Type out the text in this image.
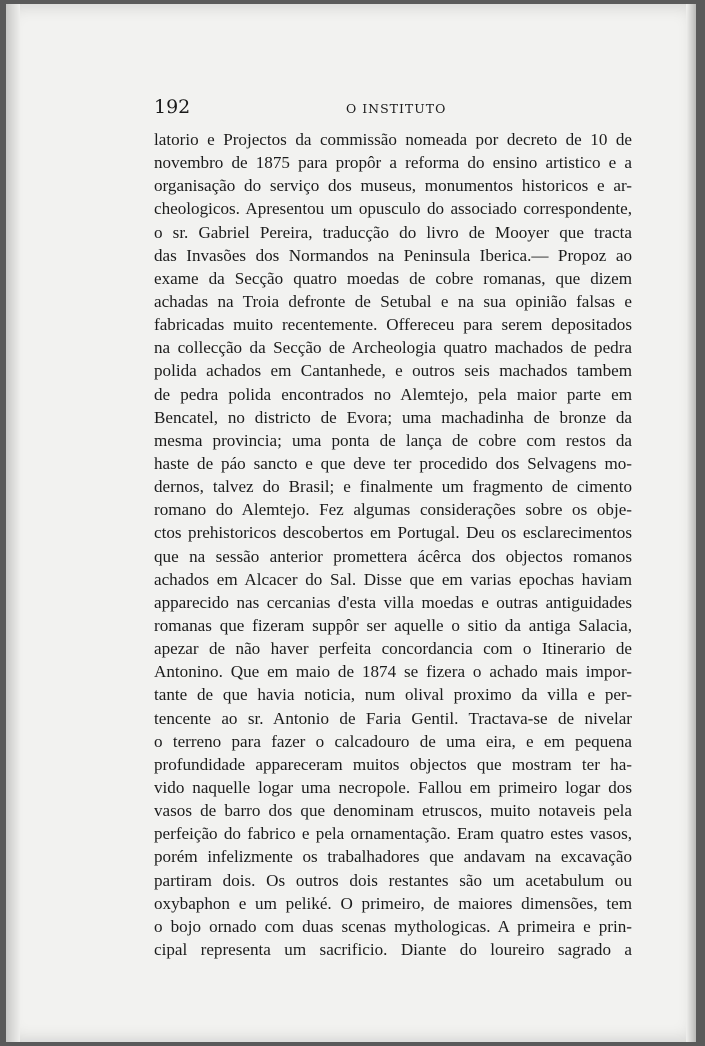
192	O INSTITUTO
latorio e Projectos da commissão nomeada por decreto de 10 de
novembro de 1875 para propôr a reforma do ensino artistico e a
organisação do serviço dos museus, monumentos historicos e ar-
cheologicos. Apresentou um opusculo do associado correspondente,
o sr. Gabriel Pereira, traducção do livro de Mooyer que tracta
das Invasões dos Normandos na Peninsula Iberica.— Propoz ao
exame da Secção quatro moedas de cobre romanas, que dizem
achadas na Troia defronte de Setubal e na sua opinião falsas e
fabricadas muito recentemente. Offereceu para serem depositados
na collecção da Secção de Archeologia quatro machados de pedra
polida achados em Cantanhede, e outros seis machados tambem
de pedra polida encontrados no Alemtejo, pela maior parte em
Bencatel, no districto de Evora; uma machadinha de bronze da
mesma provincia; uma ponta de lança de cobre com restos da
haste de páo sancto e que deve ter procedido dos Selvagens mo-
dernos, talvez do Brasil; e finalmente um fragmento de cimento
romano do Alemtejo. Fez algumas considerações sobre os obje-
ctos prehistoricos descobertos em Portugal. Deu os esclarecimentos
que na sessão anterior promettera ácêrca dos objectos romanos
achados em Alcacer do Sal. Disse que em varias epochas haviam
apparecido nas cercanias d'esta villa moedas e outras antiguidades
romanas que fizeram suppôr ser aquelle o sitio da antiga Salacia,
apezar de não haver perfeita concordancia com o Itinerario de
Antonino. Que em maio de 1874 se fizera o achado mais impor-
tante de que havia noticia, num olival proximo da villa e per-
tencente ao sr. Antonio de Faria Gentil. Tractava-se de nivelar
o terreno para fazer o calcadouro de uma eira, e em pequena
profundidade appareceram muitos objectos que mostram ter ha-
vido naquelle logar uma necropole. Fallou em primeiro logar dos
vasos de barro dos que denominam etruscos, muito notaveis pela
perfeição do fabrico e pela ornamentação. Eram quatro estes vasos,
porém infelizmente os trabalhadores que andavam na excavação
partiram dois. Os outros dois restantes são um acetabulum ou
oxybaphon e um peliké. O primeiro, de maiores dimensões, tem
o bojo ornado com duas scenas mythologicas. A primeira e prin-
cipal representa um sacrificio. Diante do loureiro sagrado a
